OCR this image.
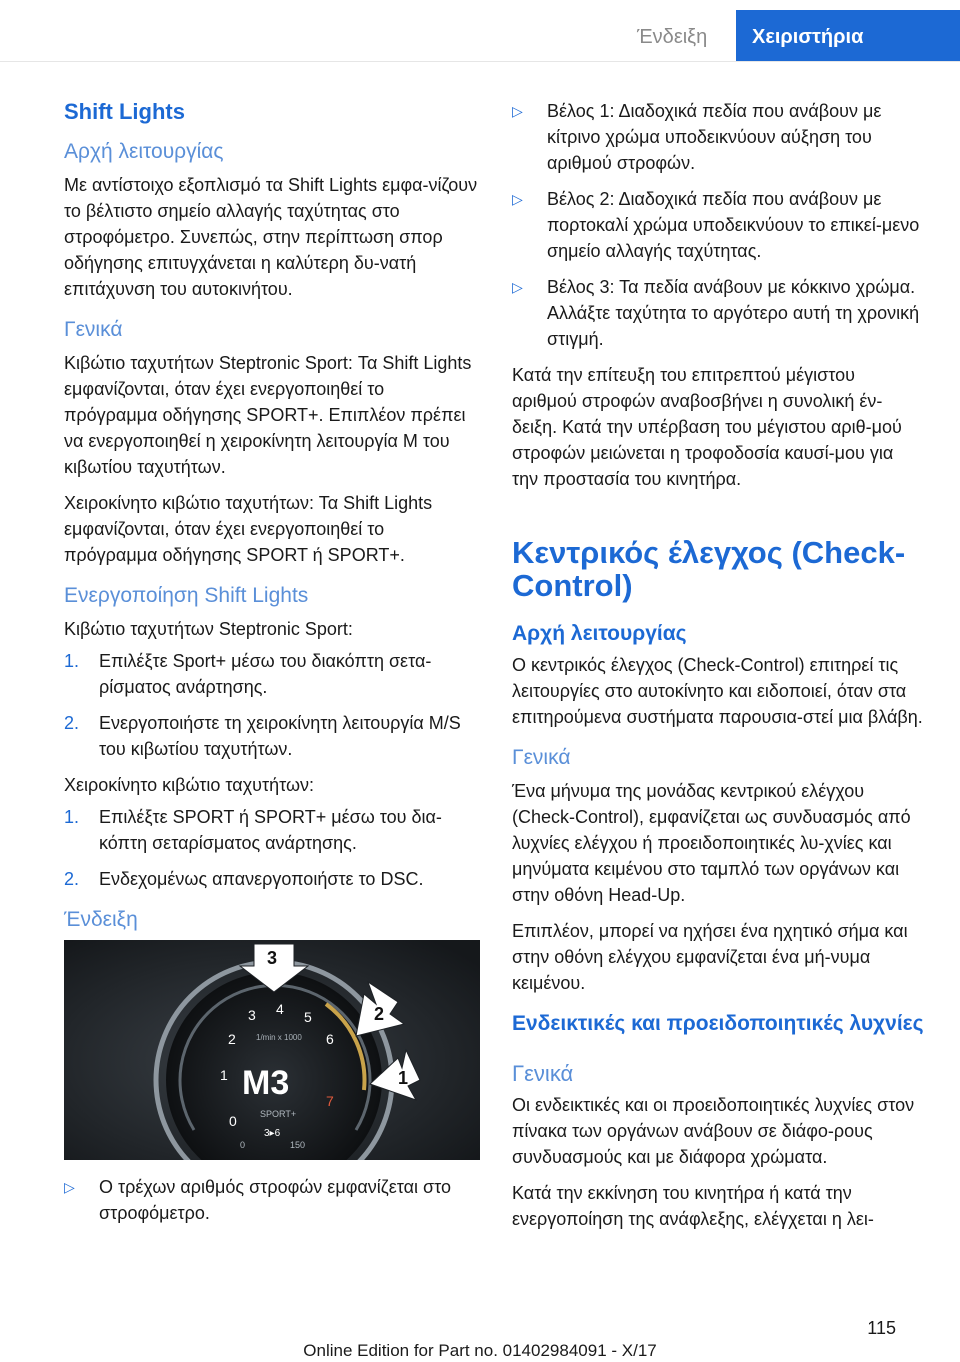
Ένδειξη	Χειριστήρια
Shift Lights
Αρχή λειτουργίας

Με αντίστοιχο εξοπλισμό τα Shift Lights εμφα‐νίζουν το βέλτιστο σημείο αλλαγής ταχύτητας στο στροφόμετρο. Συνεπώς, στην περίπτωση σπορ οδήγησης επιτυγχάνεται η καλύτερη δυ‐νατή επιτάχυνση του αυτοκινήτου.

Γενικά

Κιβώτιο ταχυτήτων Steptronic Sport: Τα Shift Lights εμφανίζονται, όταν έχει ενεργοποιηθεί το πρόγραμμα οδήγησης SPORT+. Επιπλέον πρέπει να ενεργοποιηθεί η χειροκίνητη λειτουργία M του κιβωτίου ταχυτήτων.

Χειροκίνητο κιβώτιο ταχυτήτων: Τα Shift Lights εμφανίζονται, όταν έχει ενεργοποιηθεί το πρόγραμμα οδήγησης SPORT ή SPORT+.

Ενεργοποίηση Shift Lights

Κιβώτιο ταχυτήτων Steptronic Sport:

1. Επιλέξτε Sport+ μέσω του διακόπτη σετα‐ρίσματος ανάρτησης.
2. Ενεργοποιήστε τη χειροκίνητη λειτουργία M/S του κιβωτίου ταχυτήτων.

Χειροκίνητο κιβώτιο ταχυτήτων:

1. Επιλέξτε SPORT ή SPORT+ μέσω του δια‐κόπτη σεταρίσματος ανάρτησης.
2. Ενδεχομένως απανεργοποιήστε το DSC.
Ένδειξη
0
1
2
3 4 5
6
7
1/min x 1000
M3
SPORT+
3▸6
0	150
3
2
1
▷ Ο τρέχων αριθμός στροφών εμφανίζεται στο στροφόμετρο.
▷ Βέλος 1: Διαδοχικά πεδία που ανάβουν με κίτρινο χρώμα υποδεικνύουν αύξηση του αριθμού στροφών.
▷ Βέλος 2: Διαδοχικά πεδία που ανάβουν με πορτοκαλί χρώμα υποδεικνύουν το επικεί‐μενο σημείο αλλαγής ταχύτητας.
▷ Βέλος 3: Τα πεδία ανάβουν με κόκκινο χρώμα. Αλλάξτε ταχύτητα το αργότερο αυτή τη χρονική στιγμή.

Κατά την επίτευξη του επιτρεπτού μέγιστου αριθμού στροφών αναβοσβήνει η συνολική έν‐δειξη. Κατά την υπέρβαση του μέγιστου αριθ‐μού στροφών μειώνεται η τροφοδοσία καυσί‐μου για την προστασία του κινητήρα.

Κεντρικός έλεγχος (Check-Control)
Αρχή λειτουργίας

Ο κεντρικός έλεγχος (Check-Control) επιτηρεί τις λειτουργίες στο αυτοκίνητο και ειδοποιεί, όταν στα επιτηρούμενα συστήματα παρουσια‐στεί μια βλάβη.

Γενικά

Ένα μήνυμα της μονάδας κεντρικού ελέγχου (Check-Control), εμφανίζεται ως συνδυασμός από λυχνίες ελέγχου ή προειδοποιητικές λυ‐χνίες και μηνύματα κειμένου στο ταμπλό των οργάνων και στην οθόνη Head-Up.

Επιπλέον, μπορεί να ηχήσει ένα ηχητικό σήμα και στην οθόνη ελέγχου εμφανίζεται ένα μή‐νυμα κειμένου.

Ενδεικτικές και προειδοποιητικές λυχνίες
Γενικά

Οι ενδεικτικές και οι προειδοποιητικές λυχνίες στον πίνακα των οργάνων ανάβουν σε διάφο‐ρους συνδυασμούς και με διάφορα χρώματα.

Κατά την εκκίνηση του κινητήρα ή κατά την ενεργοποίηση της ανάφλεξης, ελέγχεται η λει‐

115
Online Edition for Part no. 01402984091 - X/17
